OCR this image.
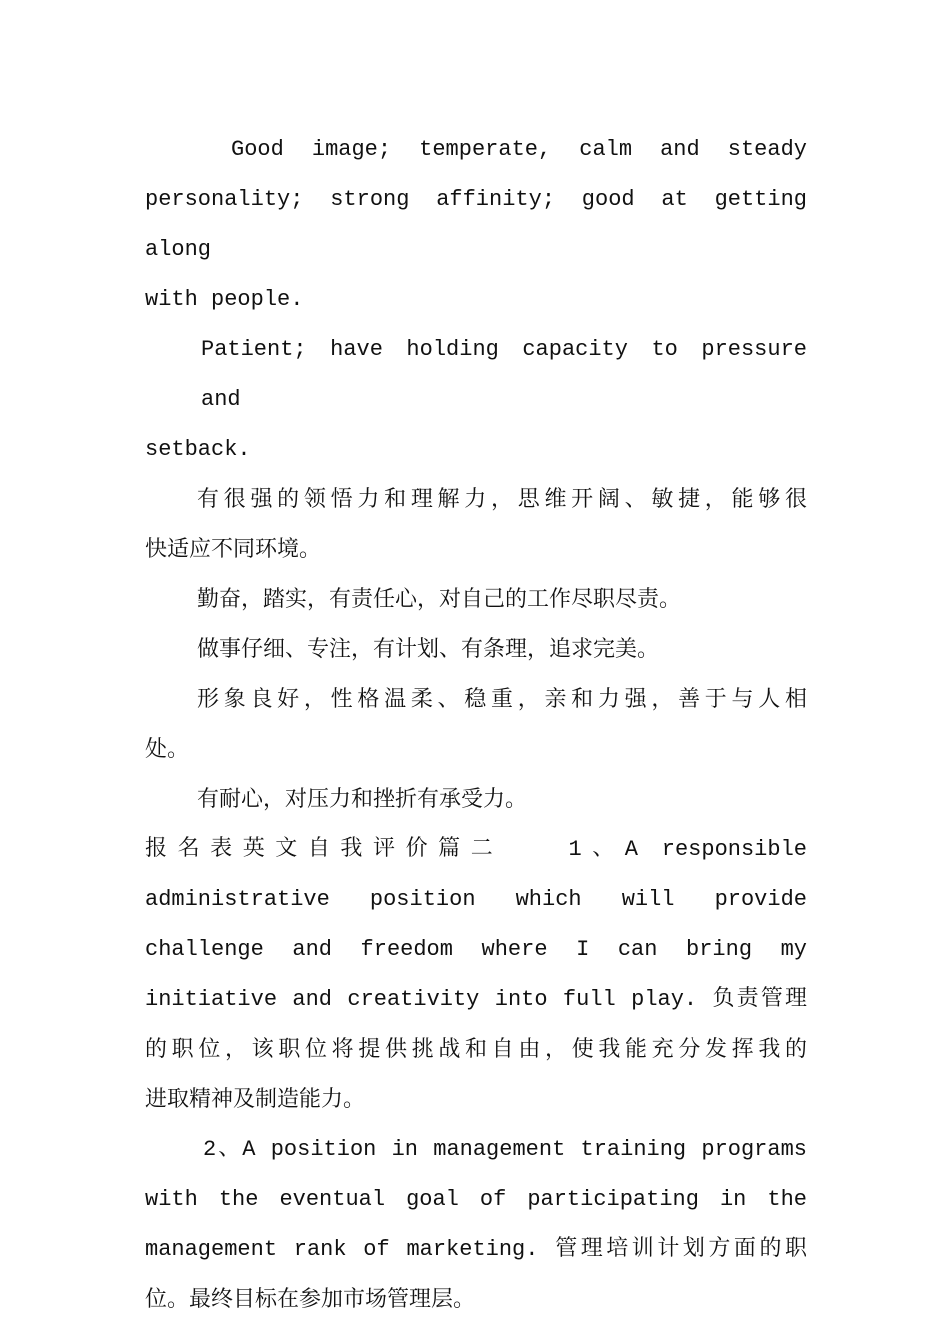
Good image; temperate, calm and steady
personality; strong affinity; good at getting along
with people.

Patient; have holding capacity to pressure and
setback.

有很强的领悟力和理解力，思维开阔、敏捷，能够很
快适应不同环境。

勤奋，踏实，有责任心，对自己的工作尽职尽责。

做事仔细、专注，有计划、有条理，追求完美。

形象良好，性格温柔、稳重，亲和力强，善于与人相
处。

有耐心，对压力和挫折有承受力。

报名表英文自我评价篇二　　1、A responsible
administrative position which will provide
challenge and freedom where I can bring my
initiative and creativity into full play. 负责管理
的职位，该职位将提供挑战和自由，使我能充分发挥我的
进取精神及制造能力。

2、A position in management training programs
with the eventual goal of participating in the
management rank of marketing. 管理培训计划方面的职
位。最终目标在参加市场管理层。
